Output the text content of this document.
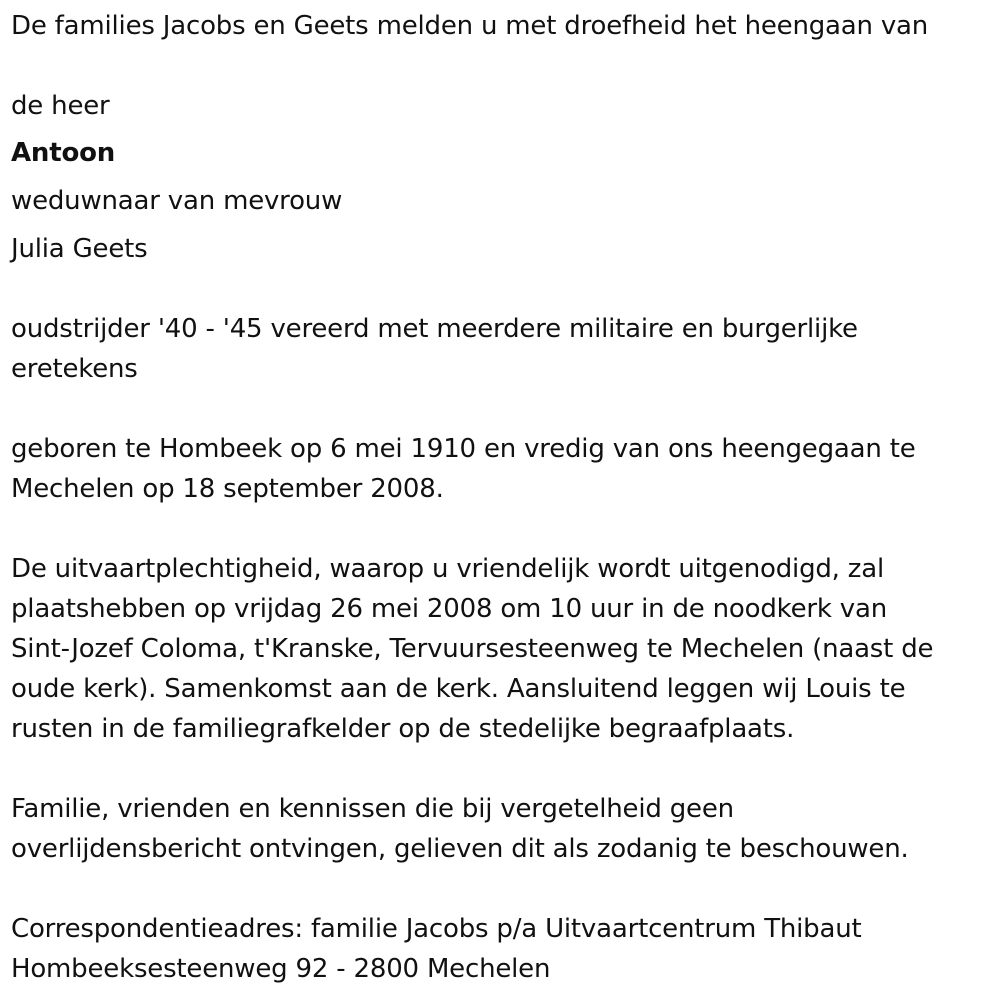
De families Jacobs en Geets melden u met droefheid het heengaan van
de heer
Antoon
weduwnaar van mevrouw
Julia Geets
oudstrijder '40 - '45 vereerd met meerdere militaire en burgerlijke
eretekens
geboren te Hombeek op 6 mei 1910 en vredig van ons heengegaan te
Mechelen op 18 september 2008.
De uitvaartplechtigheid, waarop u vriendelijk wordt uitgenodigd, zal
plaatshebben op vrijdag 26 mei 2008 om 10 uur in de noodkerk van
Sint-Jozef Coloma, t'Kranske, Tervuursesteenweg te Mechelen (naast de
oude kerk). Samenkomst aan de kerk. Aansluitend leggen wij Louis te
rusten in de familiegrafkelder op de stedelijke begraafplaats.
Familie, vrienden en kennissen die bij vergetelheid geen
overlijdensbericht ontvingen, gelieven dit als zodanig te beschouwen.
Correspondentieadres: familie Jacobs p/a Uitvaartcentrum Thibaut
Hombeeksesteenweg 92 - 2800 Mechelen
